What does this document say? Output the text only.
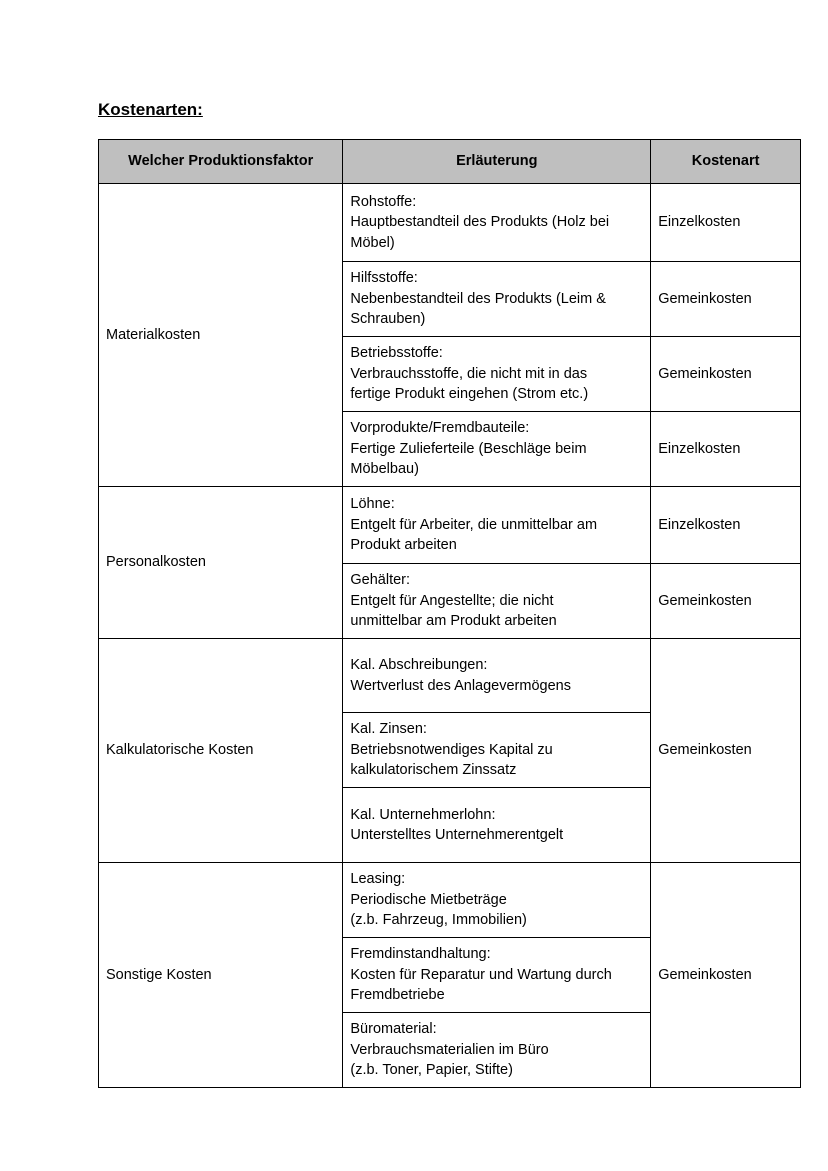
Kostenarten:
Welcher Produktionsfaktor	Erläuterung	Kostenart
Materialkosten	Rohstoffe:
Hauptbestandteil des Produkts (Holz bei
Möbel)	Einzelkosten

	Hilfsstoffe:
Nebenbestandteil des Produkts (Leim &
Schrauben)	Gemeinkosten

	Betriebsstoffe:
Verbrauchsstoffe, die nicht mit in das
fertige Produkt eingehen (Strom etc.)	Gemeinkosten

	Vorprodukte/Fremdbauteile:
Fertige Zulieferteile (Beschläge beim
Möbelbau)	Einzelkosten
Personalkosten	Löhne:
Entgelt für Arbeiter, die unmittelbar am
Produkt arbeiten	Einzelkosten

	Gehälter:
Entgelt für Angestellte; die nicht
unmittelbar am Produkt arbeiten	Gemeinkosten
Kalkulatorische Kosten	Kal. Abschreibungen:
Wertverlust des Anlagevermögens	Gemeinkosten

	Kal. Zinsen:
Betriebsnotwendiges Kapital zu
kalkulatorischem Zinssatz	

	Kal. Unternehmerlohn:
Unterstelltes Unternehmerentgelt	

Sonstige Kosten	Leasing:
Periodische Mietbeträge
(z.b. Fahrzeug, Immobilien)	Gemeinkosten

	Fremdinstandhaltung:
Kosten für Reparatur und Wartung durch
Fremdbetriebe	

	Büromaterial:
Verbrauchsmaterialien im Büro
(z.b. Toner, Papier, Stifte)	
